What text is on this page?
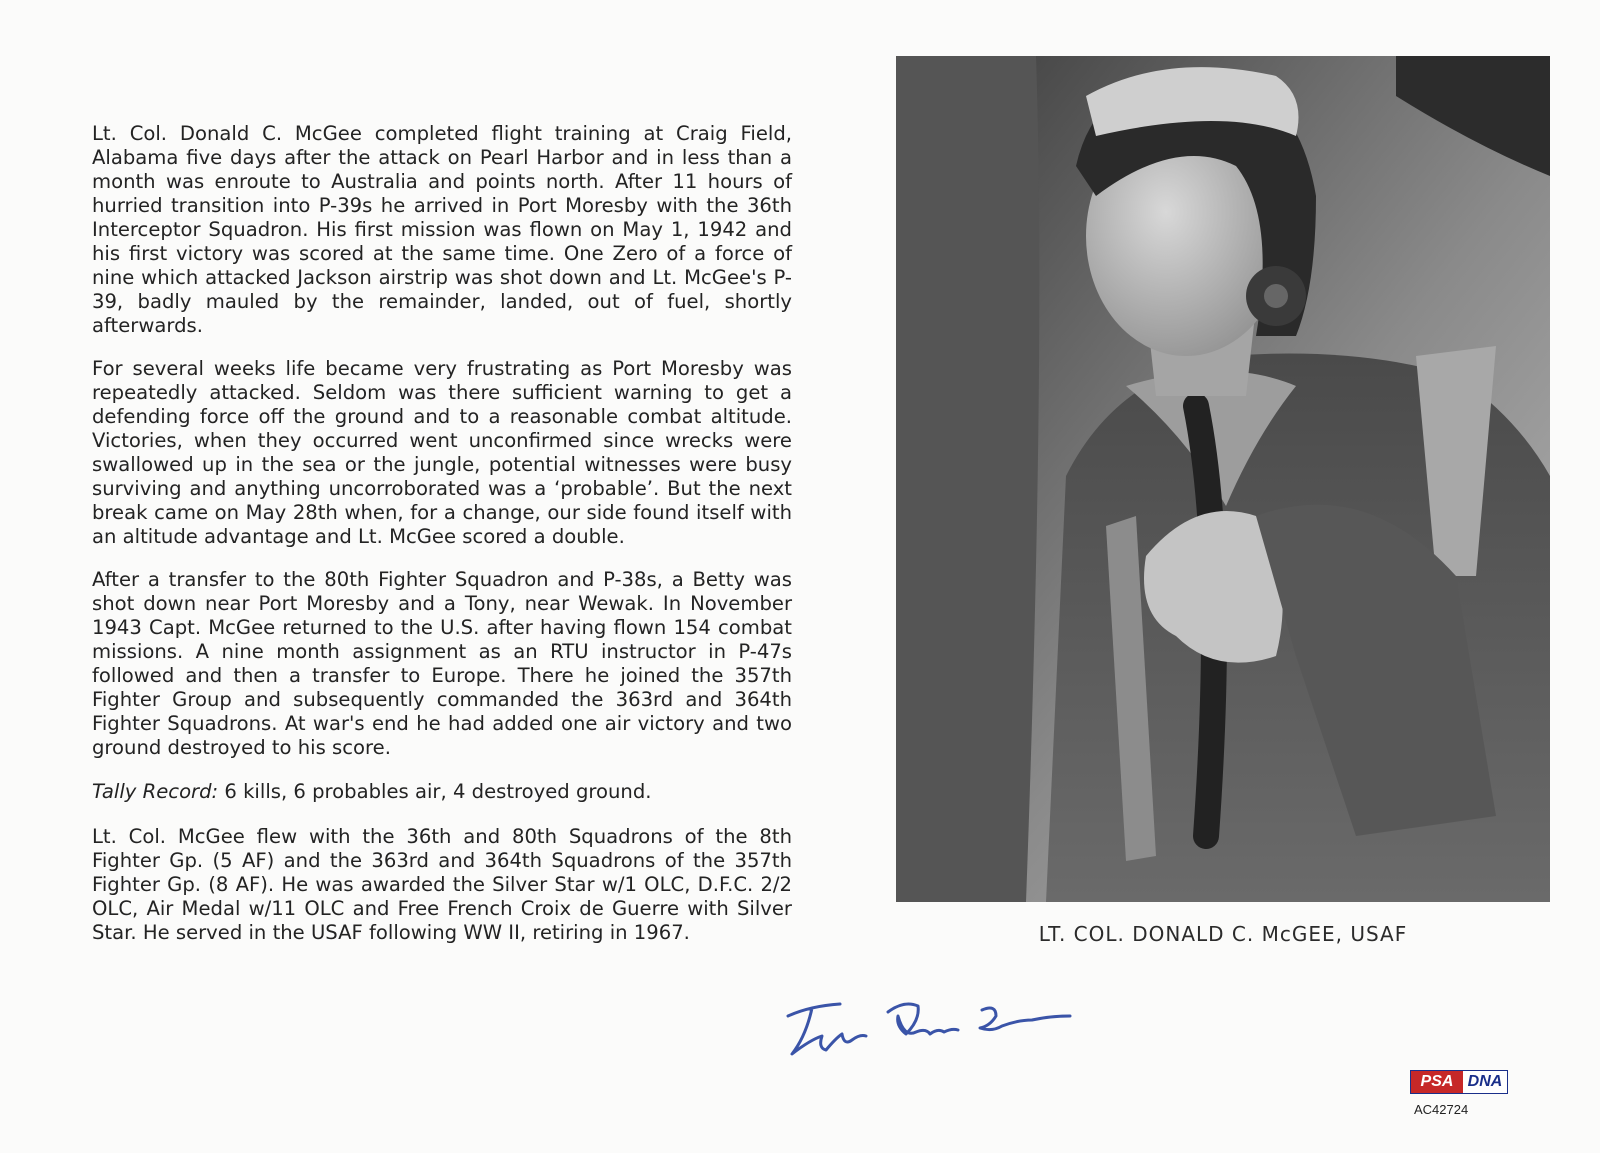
Lt. Col. Donald C. McGee completed flight training at Craig Field, Alabama five days after the attack on Pearl Harbor and in less than a month was enroute to Australia and points north. After 11 hours of hurried transition into P-39s he arrived in Port Moresby with the 36th Interceptor Squadron. His first mission was flown on May 1, 1942 and his first victory was scored at the same time. One Zero of a force of nine which attacked Jackson airstrip was shot down and Lt. McGee's P-39, badly mauled by the remainder, landed, out of fuel, shortly afterwards.

For several weeks life became very frustrating as Port Moresby was repeatedly attacked. Seldom was there sufficient warning to get a defending force off the ground and to a reasonable combat altitude. Victories, when they occurred went unconfirmed since wrecks were swallowed up in the sea or the jungle, potential witnesses were busy surviving and anything uncorroborated was a ‘probable’. But the next break came on May 28th when, for a change, our side found itself with an altitude advantage and Lt. McGee scored a double.

After a transfer to the 80th Fighter Squadron and P-38s, a Betty was shot down near Port Moresby and a Tony, near Wewak. In November 1943 Capt. McGee returned to the U.S. after having flown 154 combat missions. A nine month assignment as an RTU instructor in P-47s followed and then a transfer to Europe. There he joined the 357th Fighter Group and subsequently commanded the 363rd and 364th Fighter Squadrons. At war's end he had added one air victory and two ground destroyed to his score.

Tally Record: 6 kills, 6 probables air, 4 destroyed ground.

Lt. Col. McGee flew with the 36th and 80th Squadrons of the 8th Fighter Gp. (5 AF) and the 363rd and 364th Squadrons of the 357th Fighter Gp. (8 AF). He was awarded the Silver Star w/1 OLC, D.F.C. 2/2 OLC, Air Medal w/11 OLC and Free French Croix de Guerre with Silver Star. He served in the USAF following WW II, retiring in 1967.	LT. COL. DONALD C. McGEE, USAF
PSA DNA
AC42724
